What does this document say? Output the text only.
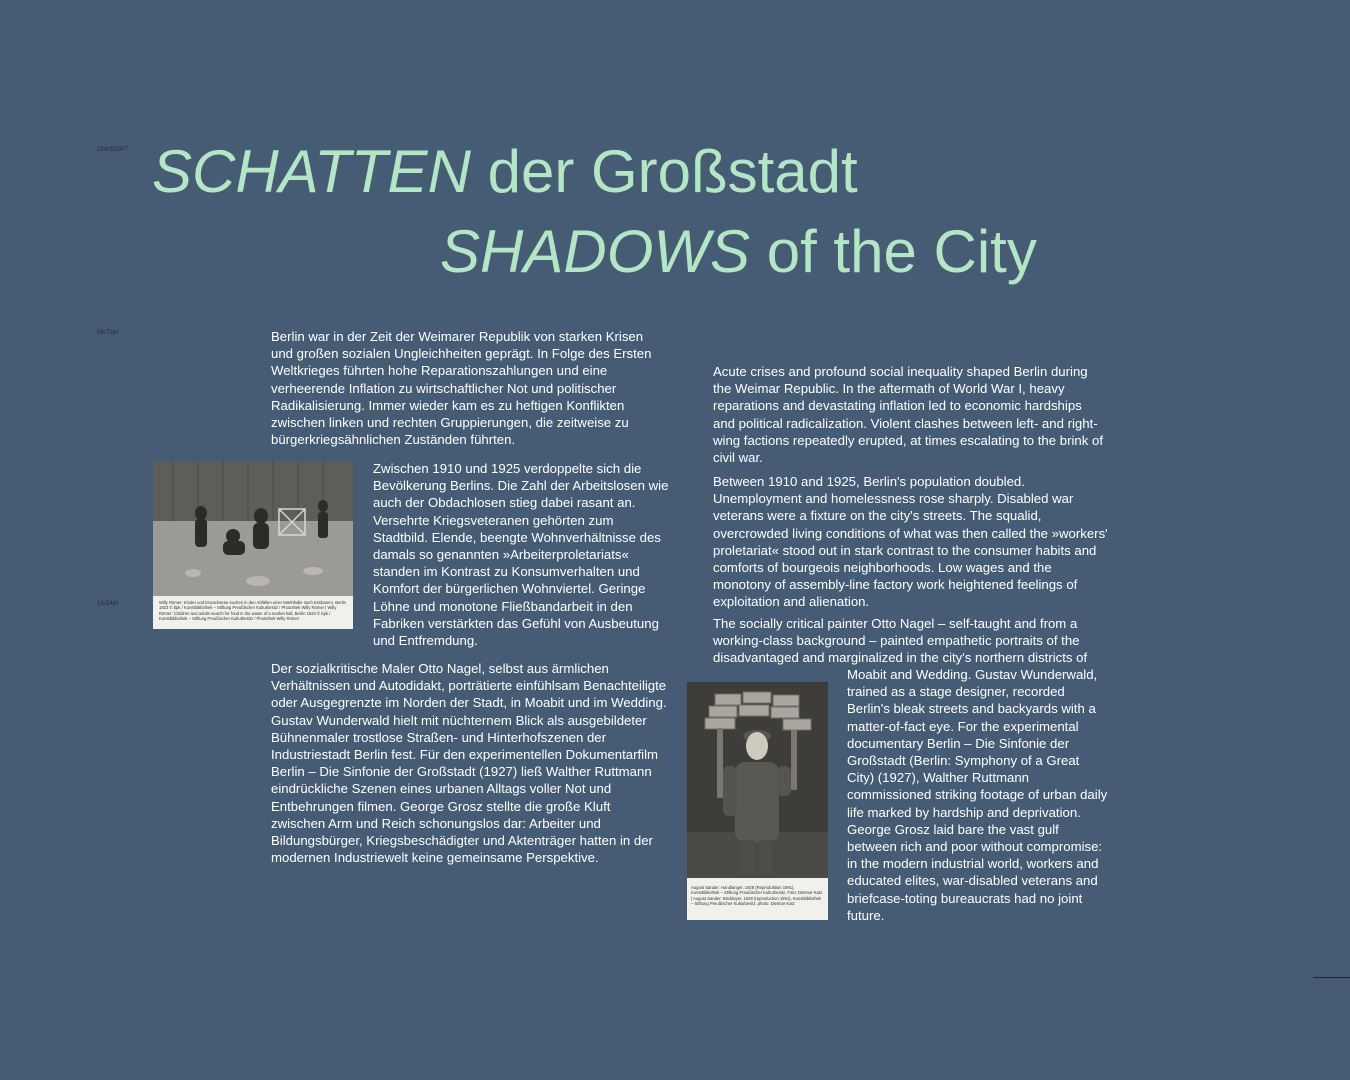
256/332PT
56/72pt
16/24pt
SCHATTEN der Großstadt
SHADOWS of the City
Berlin war in der Zeit der Weimarer Republik von starken Krisen und großen sozialen Ungleichheiten geprägt. In Folge des Ersten Weltkrieges führten hohe Reparationszahlungen und eine verheerende Inflation zu wirtschaftlicher Not und politischer Radikalisierung. Immer wieder kam es zu heftigen Konflikten zwischen linken und rechten Gruppierungen, die zeitweise zu bürgerkriegsähnlichen Zuständen führten.
Willy Römer: Kinder und Erwachsene suchen in den Abfällen einer Markthalle nach Essbarem, Berlin 1923 © bpk / Kunstbibliothek – Stiftung Preußischer Kulturbesitz / Photothek Willy Römer | Willy Römer: Children and adults search for food in the waste of a market hall, Berlin 1923 © bpk / Kunstbibliothek – Stiftung Preußischer Kulturbesitz / Photothek Willy Römer
Zwischen 1910 und 1925 verdoppelte sich die Bevölkerung Berlins. Die Zahl der Arbeitslosen wie auch der Obdachlosen stieg dabei rasant an. Versehrte Kriegsveteranen gehörten zum Stadtbild. Elende, beengte Wohnverhältnisse des damals so genannten »Arbeiterproletariats« standen im Kontrast zu Konsumverhalten und Komfort der bürgerlichen Wohnviertel. Geringe Löhne und monotone Fließbandarbeit in den Fabriken verstärkten das Gefühl von Ausbeutung und Entfremdung.
Der sozialkritische Maler Otto Nagel, selbst aus ärmlichen Verhältnissen und Autodidakt, porträtierte einfühlsam Benachteiligte oder Ausgegrenzte im Norden der Stadt, in Moabit und im Wedding. Gustav Wunderwald hielt mit nüchternem Blick als ausgebildeter Bühnenmaler trostlose Straßen- und Hinterhofszenen der Industriestadt Berlin fest. Für den experimentellen Dokumentarfilm Berlin – Die Sinfonie der Großstadt (1927) ließ Walther Ruttmann eindrückliche Szenen eines urbanen Alltags voller Not und Entbehrungen filmen. George Grosz stellte die große Kluft zwischen Arm und Reich schonungslos dar: Arbeiter und Bildungsbürger, Kriegsbeschädigter und Aktenträger hatten in der modernen Industriewelt keine gemeinsame Perspektive.
Acute crises and profound social inequality shaped Berlin during the Weimar Republic. In the aftermath of World War I, heavy reparations and devastating inflation led to economic hardships and political radicalization. Violent clashes between left- and right-wing factions repeatedly erupted, at times escalating to the brink of civil war.
Between 1910 and 1925, Berlin's population doubled. Unemployment and homelessness rose sharply. Disabled war veterans were a fixture on the city's streets. The squalid, overcrowded living conditions of what was then called the »workers' proletariat« stood out in stark contrast to the consumer habits and comforts of bourgeois neighborhoods. Low wages and the monotony of assembly-line factory work heightened feelings of exploitation and alienation.
The socially critical painter Otto Nagel – self-taught and from a working-class background – painted empathetic portraits of the disadvantaged and marginalized in the city's northern districts of
August Sander: Handlanger, 1928 (Reproduktion 1991), Kunstbibliothek – Stiftung Preußischer Kulturbesitz, Foto: Dietmar Katz | August Sander: Bricklayer, 1928 (reproduction 1991), Kunstbibliothek – Stiftung Preußischer Kulturbesitz, photo: Dietmar Katz
Moabit and Wedding. Gustav Wunderwald, trained as a stage designer, recorded Berlin's bleak streets and backyards with a matter-of-fact eye. For the experimental documentary Berlin – Die Sinfonie der Großstadt (Berlin: Symphony of a Great City) (1927), Walther Ruttmann commissioned striking footage of urban daily life marked by hardship and deprivation. George Grosz laid bare the vast gulf between rich and poor without compromise: in the modern industrial world, workers and educated elites, war-disabled veterans and briefcase-toting bureaucrats had no joint future.
